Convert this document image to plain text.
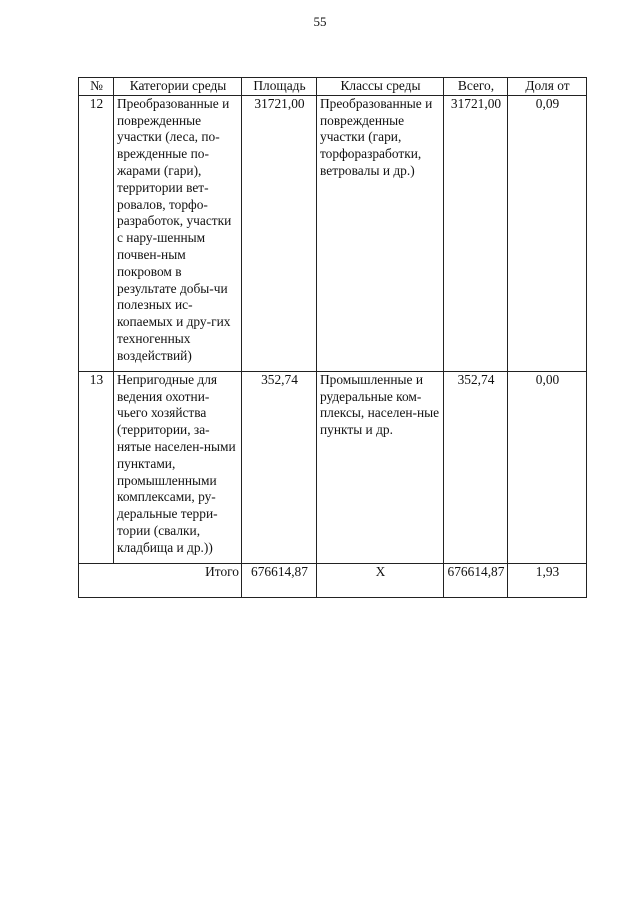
55
№	Категории среды	Площадь	Классы среды	Всего,	Доля от
12	Преобразованные и поврежденные участки (леса, по-врежденные по-жарами (гари), территории вет-ровалов, торфо-разработок, участки с нару-шенным почвен-ным покровом в результате добы-чи полезных ис-копаемых и дру-гих техногенных воздействий)	31721,00	Преобразованные и поврежденные участки (гари, торфоразработки, ветровалы и др.)	31721,00	0,09
13	Непригодные для ведения охотни-чьего хозяйства (территории, за-нятые населен-ными пунктами, промышленными комплексами, ру-деральные терри-тории (свалки, кладбища и др.))	352,74	Промышленные и рудеральные ком-плексы, населен-ные пункты и др.	352,74	0,00
Итого		676614,87	X	676614,87	1,93
